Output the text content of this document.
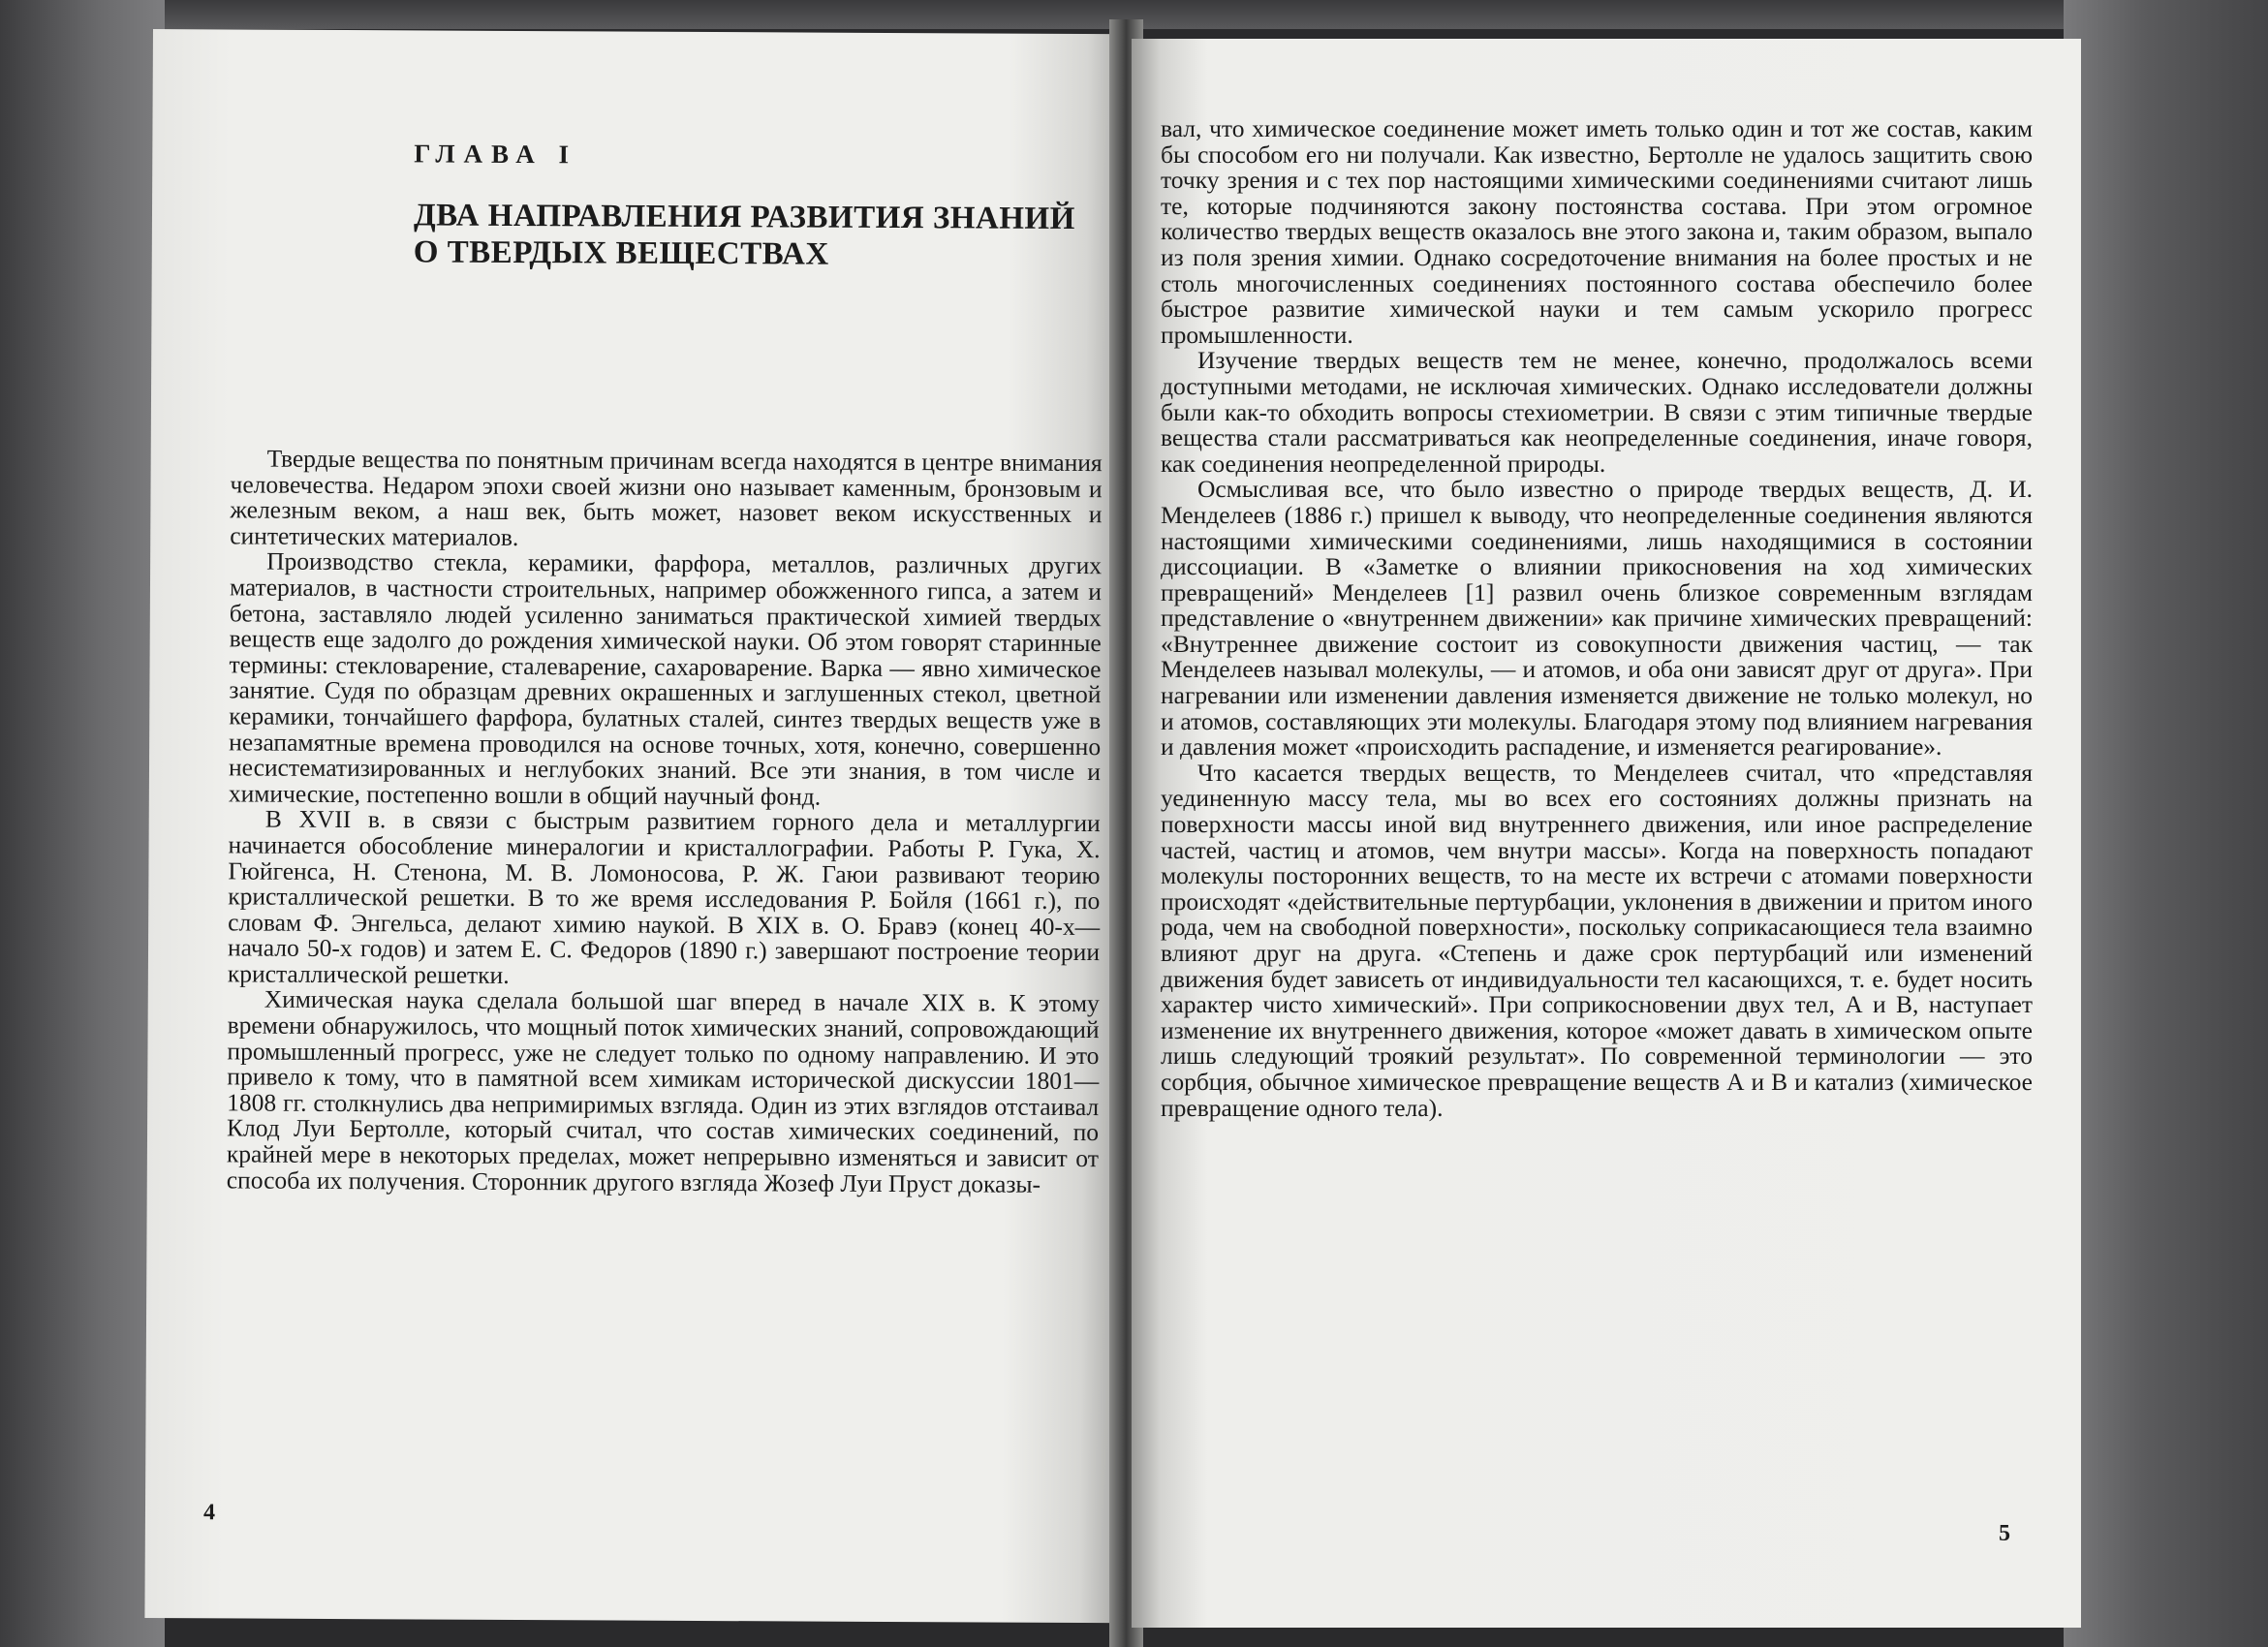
ГЛАВА I
ДВА НАПРАВЛЕНИЯ РАЗВИТИЯ ЗНАНИЙ
О ТВЕРДЫХ ВЕЩЕСТВАХ

Твердые вещества по понятным причинам всегда находятся в центре внимания человечества. Недаром эпохи своей жизни оно называет каменным, бронзовым и железным веком, а наш век, быть может, назовет веком искусственных и синтетических материалов.

Производство стекла, керамики, фарфора, металлов, различных других материалов, в частности строительных, например обожженного гипса, а затем и бетона, заставляло людей усиленно заниматься практической химией твердых веществ еще задолго до рождения химической науки. Об этом говорят старинные термины: стекловарение, сталеварение, сахароварение. Варка — явно химическое занятие. Судя по образцам древних окрашенных и заглушенных стекол, цветной керамики, тончайшего фарфора, булатных сталей, синтез твердых веществ уже в незапамятные времена проводился на основе точных, хотя, конечно, совершенно несистематизированных и неглубоких знаний. Все эти знания, в том числе и химические, постепенно вошли в общий научный фонд.

В XVII в. в связи с быстрым развитием горного дела и металлургии начинается обособление минералогии и кристаллографии. Работы Р. Гука, Х. Гюйгенса, Н. Стенона, М. В. Ломоносова, Р. Ж. Гаюи развивают теорию кристаллической решетки. В то же время исследования Р. Бойля (1661 г.), по словам Ф. Энгельса, делают химию наукой. В XIX в. О. Бравэ (конец 40-х—начало 50-х годов) и затем Е. С. Федоров (1890 г.) завершают построение теории кристаллической решетки.

Химическая наука сделала большой шаг вперед в начале XIX в. К этому времени обнаружилось, что мощный поток химических знаний, сопровождающий промышленный прогресс, уже не следует только по одному направлению. И это привело к тому, что в памятной всем химикам исторической дискуссии 1801—1808 гг. столкнулись два непримиримых взгляда. Один из этих взглядов отстаивал Клод Луи Бертолле, который считал, что состав химических соединений, по крайней мере в некоторых пределах, может непрерывно изменяться и зависит от способа их получения. Сторонник другого взгляда Жозеф Луи Пруст доказы-

4

вал, что химическое соединение может иметь только один и тот же состав, каким бы способом его ни получали. Как известно, Бертолле не удалось защитить свою точку зрения и с тех пор настоящими химическими соединениями считают лишь те, которые подчиняются закону постоянства состава. При этом огромное количество твердых веществ оказалось вне этого закона и, таким образом, выпало из поля зрения химии. Однако сосредоточение внимания на более простых и не столь многочисленных соединениях постоянного состава обеспечило более быстрое развитие химической науки и тем самым ускорило прогресс промышленности.

Изучение твердых веществ тем не менее, конечно, продолжалось всеми доступными методами, не исключая химических. Однако исследователи должны были как-то обходить вопросы стехиометрии. В связи с этим типичные твердые вещества стали рассматриваться как неопределенные соединения, иначе говоря, как соединения неопределенной природы.

Осмысливая все, что было известно о природе твердых веществ, Д. И. Менделеев (1886 г.) пришел к выводу, что неопределенные соединения являются настоящими химическими соединениями, лишь находящимися в состоянии диссоциации. В «Заметке о влиянии прикосновения на ход химических превращений» Менделеев [1] развил очень близкое современным взглядам представление о «внутреннем движении» как причине химических превращений: «Внутреннее движение состоит из совокупности движения частиц, — так Менделеев называл молекулы, — и атомов, и оба они зависят друг от друга». При нагревании или изменении давления изменяется движение не только молекул, но и атомов, составляющих эти молекулы. Благодаря этому под влиянием нагревания и давления может «происходить распадение, и изменяется реагирование».

Что касается твердых веществ, то Менделеев считал, что «представляя уединенную массу тела, мы во всех его состояниях должны признать на поверхности массы иной вид внутреннего движения, или иное распределение частей, частиц и атомов, чем внутри массы». Когда на поверхность попадают молекулы посторонних веществ, то на месте их встречи с атомами поверхности происходят «действительные пертурбации, уклонения в движении и притом иного рода, чем на свободной поверхности», поскольку соприкасающиеся тела взаимно влияют друг на друга. «Степень и даже срок пертурбаций или изменений движения будет зависеть от индивидуальности тел касающихся, т. е. будет носить характер чисто химический». При соприкосновении двух тел, А и В, наступает изменение их внутреннего движения, которое «может давать в химическом опыте лишь следующий троякий результат». По современной терминологии — это сорбция, обычное химическое превращение веществ А и В и катализ (химическое превращение одного тела).

5
